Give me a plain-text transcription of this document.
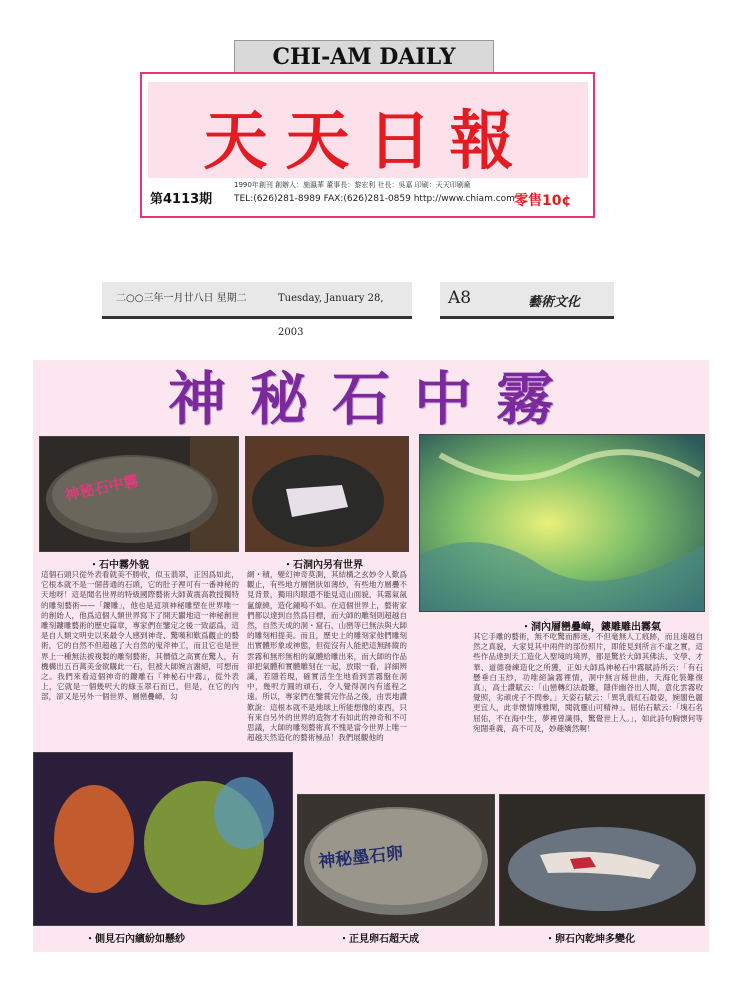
CHI-AM DAILY
天天日報
第4113期
1990年創刊 創辦人：施瀛華 董事長：黎宏利 社長：吳嘉 印刷：天天印刷廠
TEL:(626)281-8989 FAX:(626)281-0859 http://www.chiam.com 零售10¢
二○○三年一月廿八日 星期二	Tuesday, January 28, 2003
A8	藝術文化
神秘石中霧
神秘石中霧
・石中霧外貌	・石洞內另有世界
・洞內層巒疊嶂，鏤雕雕出霧氣
這個石頭只從外表看就美不勝收，似玉翡翠，正因爲如此，它根本就不是一個普通的石頭，它的肚子裡可有一番神秘的天地呀！這是聞名世界的特級國際藝術大師黃震高教授獨特的雕刻藝術——「鏤雕」，他也是這項神秘雕塑在世界唯一的創始人，他爲這個人類世界寫下了開天闢地這一神秘創世雕刻鏤雕藝術的歷史篇章，專家們在鑒定之後一致認爲，這是自人類文明史以來最令人感到神奇、驚嘆和歎爲觀止的藝術，它的自然不但超越了大自然的鬼斧神工，而且它也是世界上一種無法被複製的雕刻藝術，其價值之高實在驚人，有機構出五百萬美金欲購此一石，但被大師婉言謝絕，可想而之。我們來看這個神奇的鏤雕石『神秘石中霧』，從外表上，它就是一個幾呎大的綠玉翠石而已，但是，在它的內部，卻又是另外一個世界、層巒疊嶂，勾
網・積，變幻神奇莫測，其結構之玄妙令人歎爲觀止，有些地方層巒狀如薄紗，有些地方層疊不見背景，獨用肉眼還不能見這山面貌，其霧氣氤氳繚繞，造化鍾嗚不如。在這個世界上，藝術家們都以達到自然爲目標，而大師的雕刻則超越自然，自然天成的洞・窟石，山巒等已無法與大師的雕刻相提美。而且，歷史上的雕刻家他們雕刻出實體形象或神態，但從沒有人能把這無跡縱的雲霧和無形無相的氣體給雕出來，而大師的作品卻把氣體和實體雕刻在一起，放眼一看，詳細辨識，若隱若現，確實活生生地看到雲霧盤在洞中，幾呎方圓的頑石，令人覺得洞內有遙程之遠。所以，專家們在鑒賞完作品之後，由衷地讚歎說：這根本就不是地球上所能想像的東西，只有來自另外的世界的造物才有如此的神奇和不可思議，大師的雕刻藝術真不愧是當今世界上唯一超越天然造化的藝術極品！我們展觀他的
其它手雕的藝術，無不吃驚而醉迷，不但毫無人工痕跡，而且遠越自然之真貌，大家見其中兩件的部份照片，即能見到所言不虛之實，這些作品達到天工造化入聖境的境界，都是驚於大師其佛法、文學、才華、道德發練造化之所獲，正如大師爲神秘石中霧賦詩所云：「有石懸垂白玉紗，功唯絕論霧裡情，洞中無言稀世曲，天海化裝難復真」，高士讚賦云：「山巒轉幻法最難，隱伴幽谷出人間，意化雲霧收覺照，劣頑虎子不問參。」天姿石賦云：「異乳翡紅石最姿，婉閣色麗更宜人，此非懷情博雅閑，閱就靈山可精神」。屈佑石賦云：「塊石名屈佑，不在海中生，夢裡曾識得，驚覺世上人。」，如此詩句胸懷何等宛闊垂義，高不可及，妙趣嬌然啊！
・側見石內繽紛如懸紗
神秘墨石卵
・正見卵石超天成	・卵石內乾坤多變化
